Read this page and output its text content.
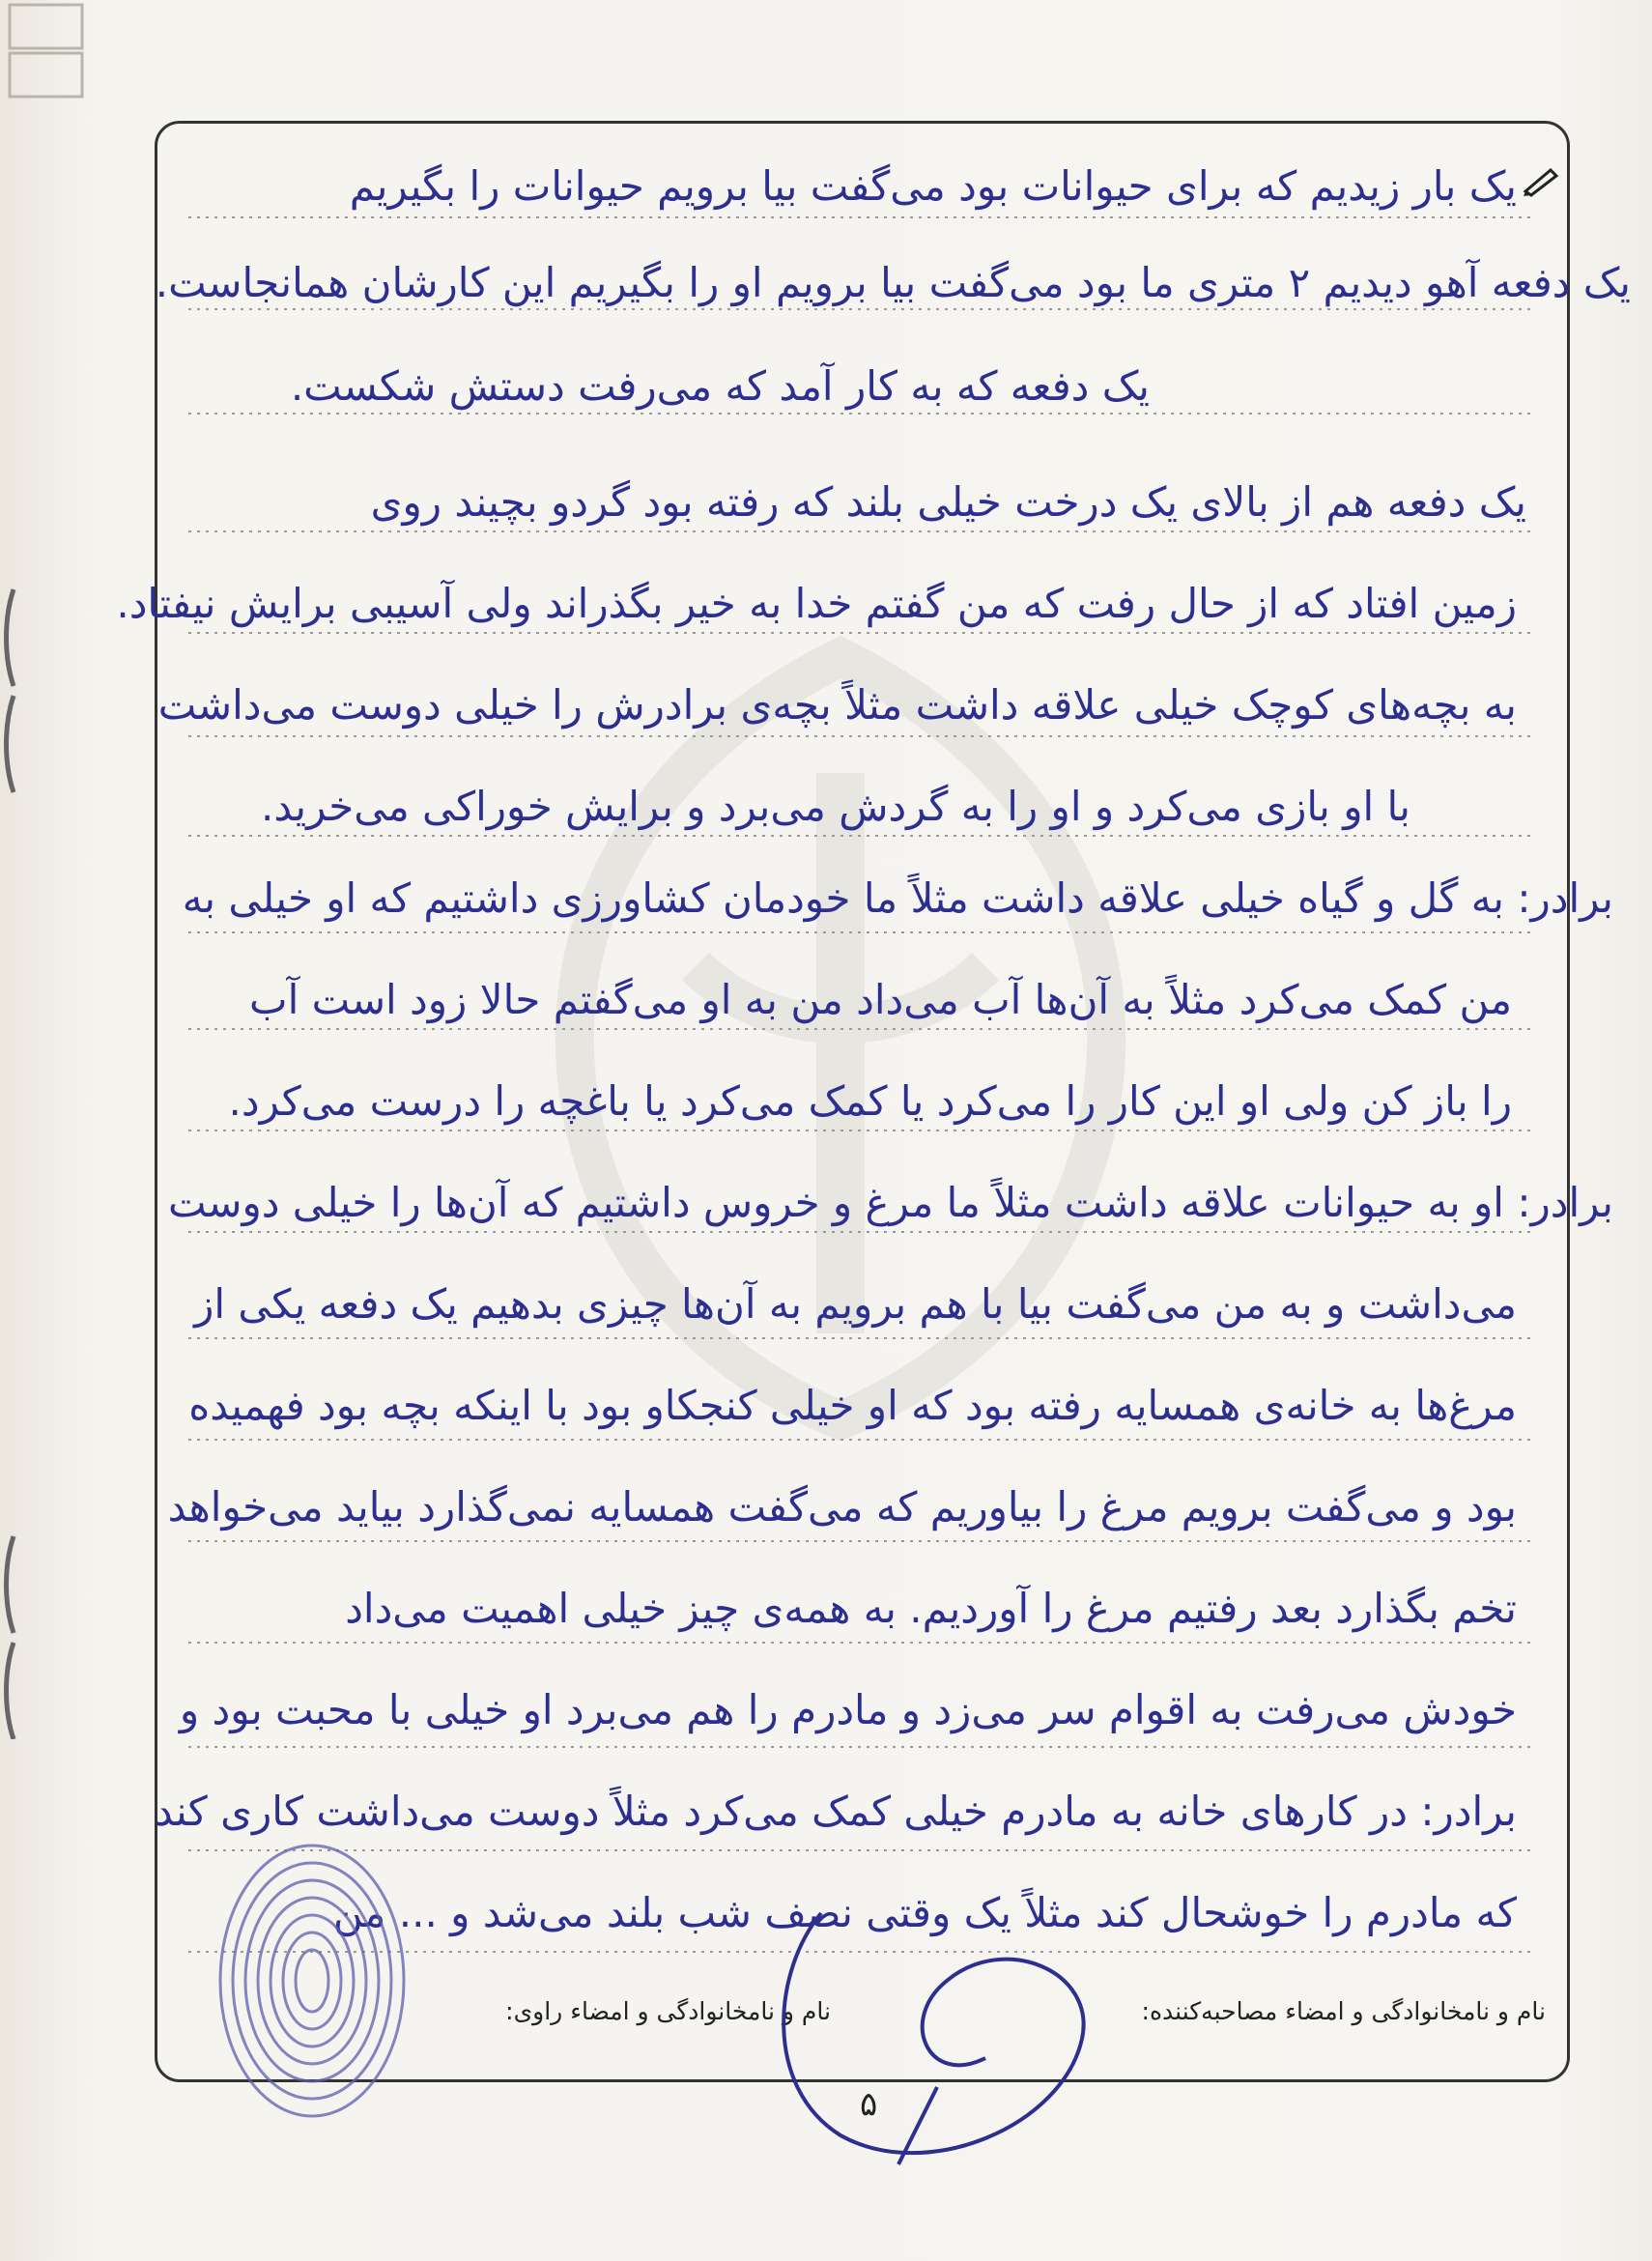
یک بار زیدیم که برای حیوانات بود می‌گفت بیا برویم حیوانات را بگیریم
یک دفعه آهو دیدیم ۲ متری ما بود می‌گفت بیا برویم او را بگیریم این کارشان همانجاست.
یک دفعه که به کار آمد که می‌رفت دستش شکست.
یک دفعه هم از بالای یک درخت خیلی بلند که رفته بود گردو بچیند روی
زمین افتاد که از حال رفت که من گفتم خدا به خیر بگذراند ولی آسیبی برایش نیفتاد.
به بچه‌های کوچک خیلی علاقه داشت مثلاً بچه‌ی برادرش را خیلی دوست می‌داشت
با او بازی می‌کرد و او را به گردش می‌برد و برایش خوراکی می‌خرید.
برادر: به گل و گیاه خیلی علاقه داشت مثلاً ما خودمان کشاورزی داشتیم که او خیلی به
من کمک می‌کرد مثلاً به آن‌ها آب می‌داد من به او می‌گفتم حالا زود است آب
را باز کن ولی او این کار را می‌کرد یا کمک می‌کرد یا باغچه را درست می‌کرد.
برادر: او به حیوانات علاقه داشت مثلاً ما مرغ و خروس داشتیم که آن‌ها را خیلی دوست
می‌داشت و به من می‌گفت بیا با هم برویم به آن‌ها چیزی بدهیم یک دفعه یکی از
مرغ‌ها به خانه‌ی همسایه رفته بود که او خیلی کنجکاو بود با اینکه بچه بود فهمیده
بود و می‌گفت برویم مرغ را بیاوریم که می‌گفت همسایه نمی‌گذارد بیاید می‌خواهد
تخم بگذارد بعد رفتیم مرغ را آوردیم. به همه‌ی چیز خیلی اهمیت می‌داد
خودش می‌رفت به اقوام سر می‌زد و مادرم را هم می‌برد او خیلی با محبت بود و
برادر: در کارهای خانه به مادرم خیلی کمک می‌کرد مثلاً دوست می‌داشت کاری کند
که مادرم را خوشحال کند مثلاً یک وقتی نصف شب بلند می‌شد و ... من
نام و نامخانوادگی و امضاء مصاحبه‌کننده:
نام و نامخانوادگی و امضاء راوی:
۵
